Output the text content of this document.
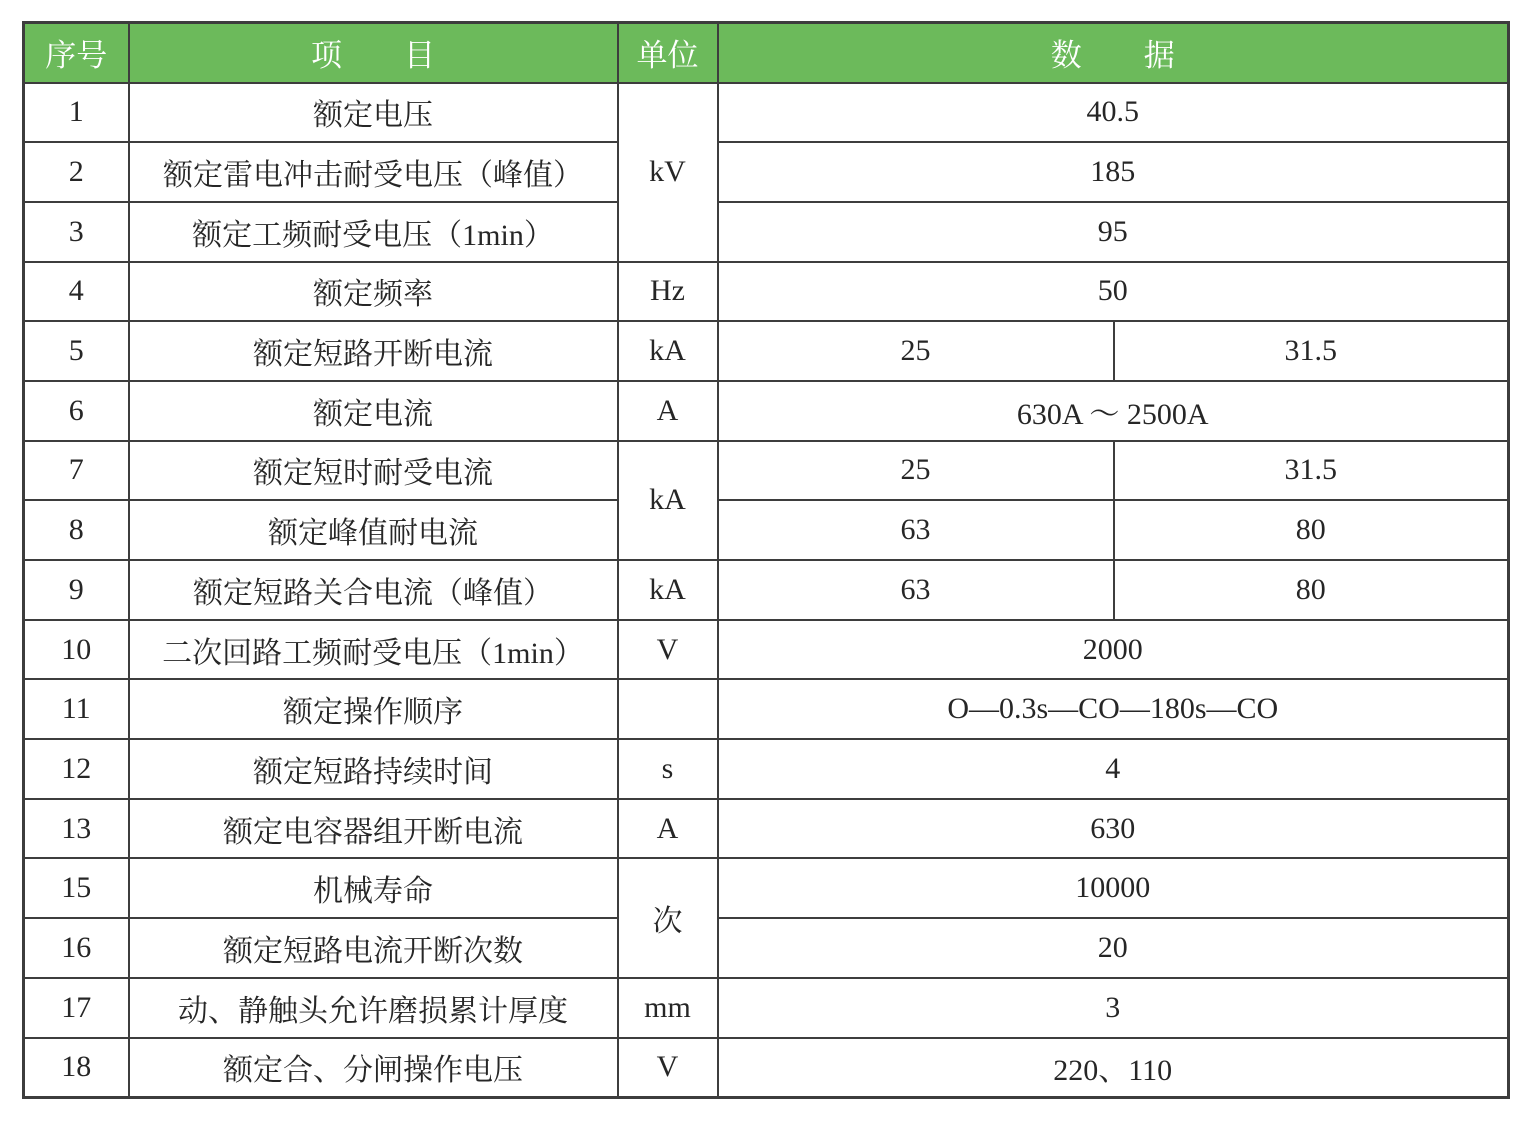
序号	项　　目	单位	数　　据	
1	额定电压	kV	40.5	
2	额定雷电冲击耐受电压（峰值）		185	
3	额定工频耐受电压（1min）		95	
4	额定频率	Hz	50	
5	额定短路开断电流	kA	25	31.5
6	额定电流	A	630A ～ 2500A	
7	额定短时耐受电流	kA	25	31.5
8	额定峰值耐电流		63	80
9	额定短路关合电流（峰值）	kA	63	80
10	二次回路工频耐受电压（1min）	V	2000	
11	额定操作顺序		O—0.3s—CO—180s—CO	
12	额定短路持续时间	s	4	
13	额定电容器组开断电流	A	630	
15	机械寿命	次	10000	
16	额定短路电流开断次数		20	
17	动、静触头允许磨损累计厚度	mm	3	
18	额定合、分闸操作电压	V	220、110	
